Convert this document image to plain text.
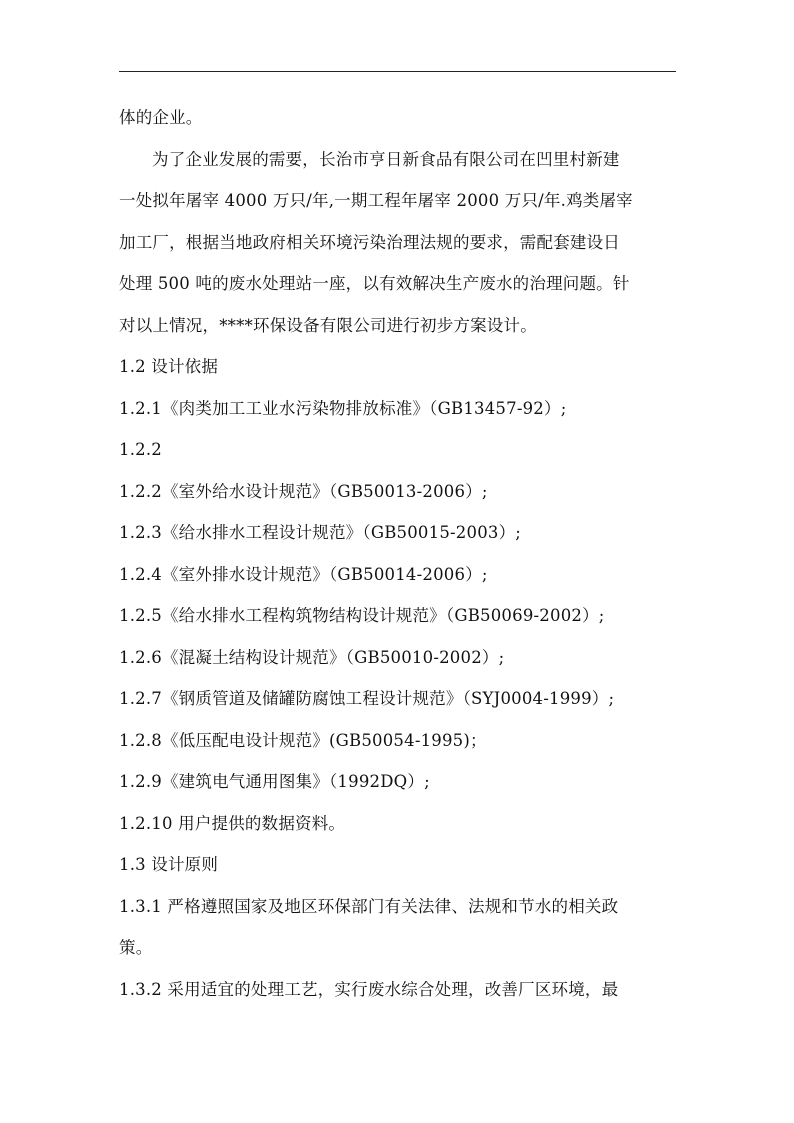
体的企业。
为了企业发展的需要，长治市亨日新食品有限公司在凹里村新建
一处拟年屠宰 4000 万只/年,一期工程年屠宰 2000 万只/年.鸡类屠宰
加工厂，根据当地政府相关环境污染治理法规的要求，需配套建设日
处理 500 吨的废水处理站一座，以有效解决生产废水的治理问题。针
对以上情况，****环保设备有限公司进行初步方案设计。
1.2 设计依据
1.2.1《肉类加工工业水污染物排放标准》（GB13457-92）;
1.2.2
1.2.2《室外给水设计规范》（GB50013-2006）;
1.2.3《给水排水工程设计规范》（GB50015-2003）;
1.2.4《室外排水设计规范》（GB50014-2006）;
1.2.5《给水排水工程构筑物结构设计规范》（GB50069-2002）;
1.2.6《混凝土结构设计规范》（GB50010-2002）;
1.2.7《钢质管道及储罐防腐蚀工程设计规范》（SYJ0004-1999）;
1.2.8《低压配电设计规范》(GB50054-1995)；
1.2.9《建筑电气通用图集》（1992DQ）;
1.2.10 用户提供的数据资料。
1.3 设计原则
1.3.1 严格遵照国家及地区环保部门有关法律、法规和节水的相关政
策。
1.3.2 采用适宜的处理工艺，实行废水综合处理，改善厂区环境，最
